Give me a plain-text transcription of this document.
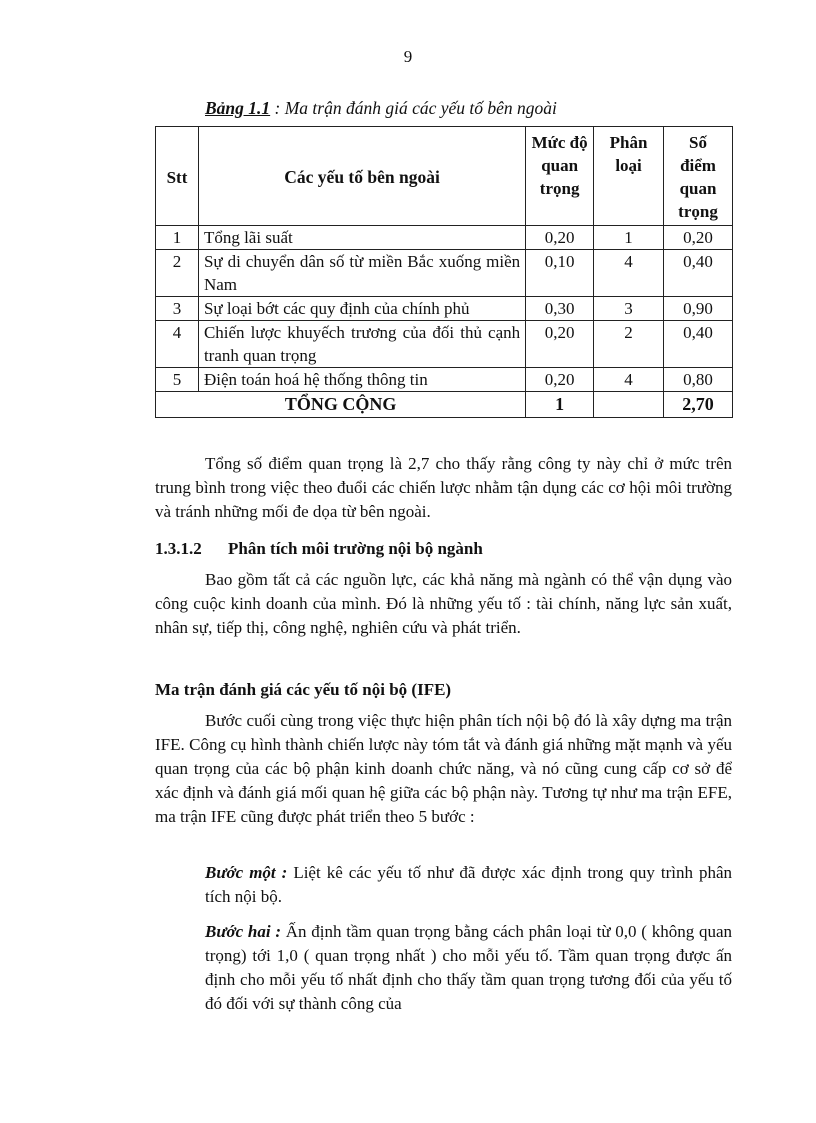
9
Bảng 1.1 : Ma trận đánh giá các yếu tố bên ngoài
Stt	Các yếu tố bên ngoài	Mức độ quan trọng	Phân loại	Số điểm quan trọng
1	Tổng lãi suất	0,20	1	0,20
2	Sự di chuyển dân số từ miền Bắc xuống miền Nam	0,10	4	0,40
3	Sự loại bớt các quy định của chính phủ	0,30	3	0,90
4	Chiến lược khuyếch trương của đối thủ cạnh tranh quan trọng	0,20	2	0,40
5	Điện toán hoá hệ thống thông tin	0,20	4	0,80
TỔNG CỘNG		1		2,70

Tổng số điểm quan trọng là 2,7 cho thấy rằng công ty này chỉ ở mức trên trung bình trong việc theo đuổi các chiến lược nhằm tận dụng các cơ hội môi trường và tránh những mối đe dọa từ bên ngoài.

1.3.1.2 Phân tích môi trường nội bộ ngành

Bao gồm tất cả các nguồn lực, các khả năng mà ngành có thể vận dụng vào công cuộc kinh doanh của mình. Đó là những yếu tố : tài chính, năng lực sản xuất, nhân sự, tiếp thị, công nghệ, nghiên cứu và phát triển.

Ma trận đánh giá các yếu tố nội bộ (IFE)

Bước cuối cùng trong việc thực hiện phân tích nội bộ đó là xây dựng ma trận IFE. Công cụ hình thành chiến lược này tóm tắt và đánh giá những mặt mạnh và yếu quan trọng của các bộ phận kinh doanh chức năng, và nó cũng cung cấp cơ sở để xác định và đánh giá mối quan hệ giữa các bộ phận này. Tương tự như ma trận EFE, ma trận IFE cũng được phát triển theo 5 bước :

Bước một : Liệt kê các yếu tố như đã được xác định trong quy trình phân tích nội bộ.

Bước hai : Ấn định tầm quan trọng bằng cách phân loại từ 0,0 ( không quan trọng) tới 1,0 ( quan trọng nhất ) cho mỗi yếu tố. Tầm quan trọng được ấn định cho mỗi yếu tố nhất định cho thấy tầm quan trọng tương đối của yếu tố đó đối với sự thành công của
